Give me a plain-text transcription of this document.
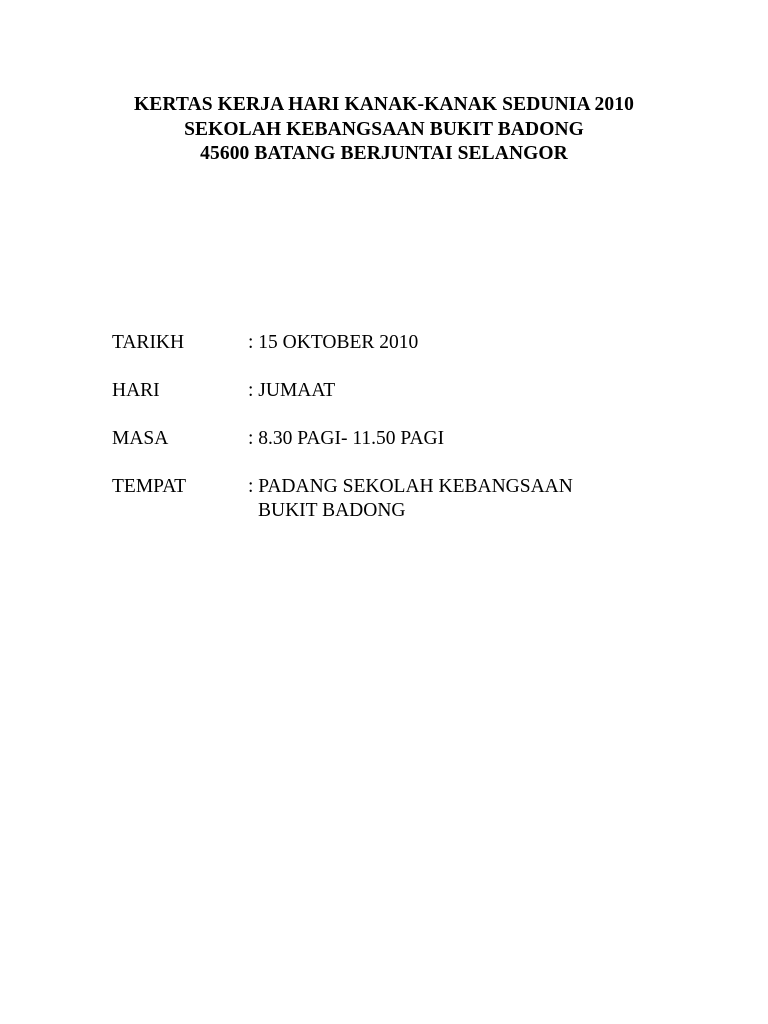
KERTAS KERJA HARI KANAK-KANAK SEDUNIA 2010
SEKOLAH KEBANGSAAN BUKIT BADONG
45600 BATANG BERJUNTAI SELANGOR
TARIKH	: 15 OKTOBER 2010
HARI	: JUMAAT
MASA	: 8.30 PAGI- 11.50 PAGI
TEMPAT	: PADANG SEKOLAH KEBANGSAAN
BUKIT BADONG
